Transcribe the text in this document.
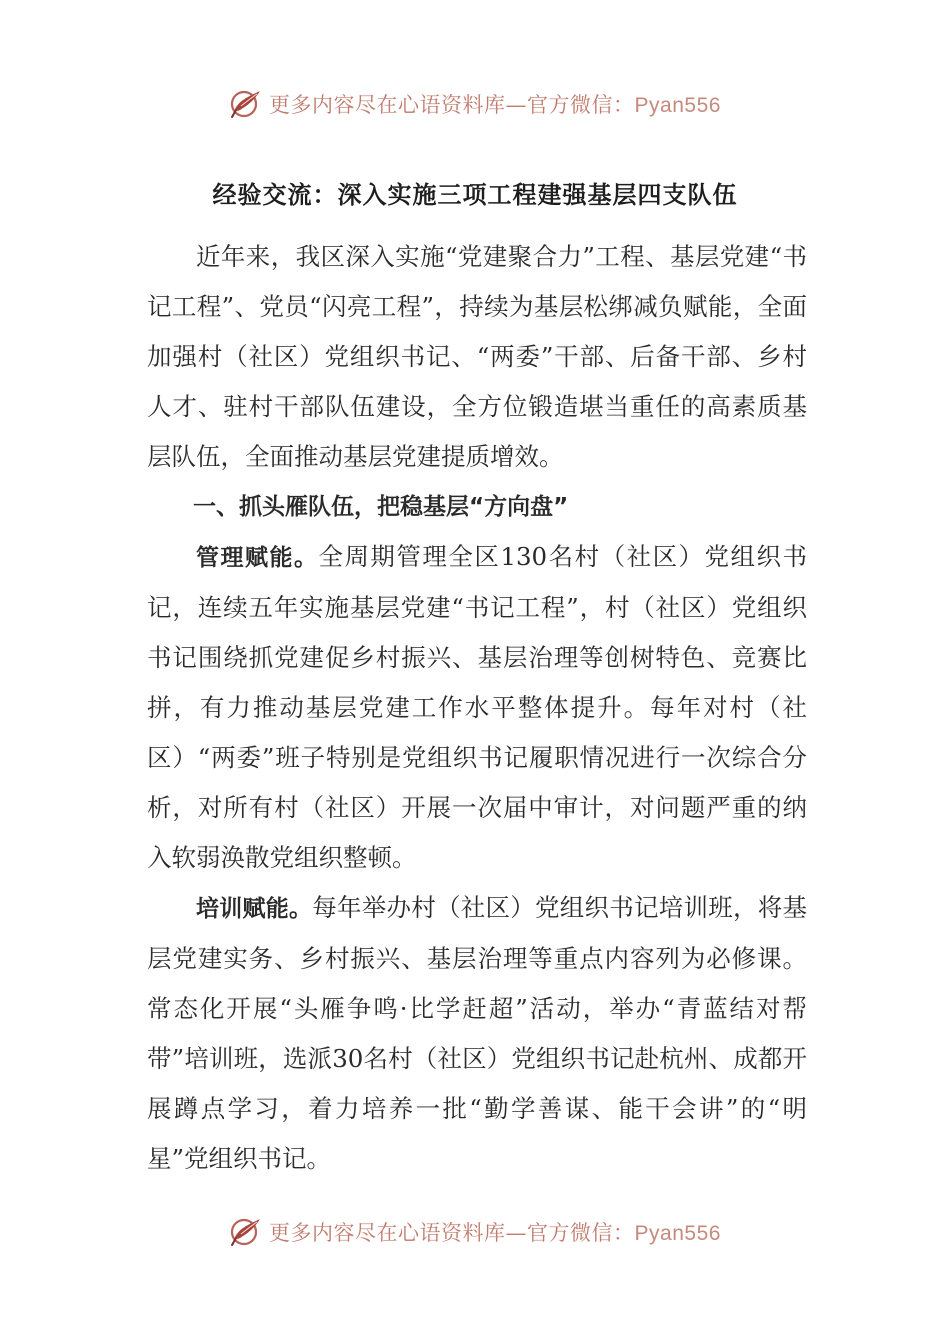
更多内容尽在心语资料库—官方微信：Pyan556
经验交流：深入实施三项工程建强基层四支队伍

近年来，我区深入实施“党建聚合力”工程、基层党建“书记工程”、党员“闪亮工程”，持续为基层松绑减负赋能，全面加强村（社区）党组织书记、“两委”干部、后备干部、乡村人才、驻村干部队伍建设，全方位锻造堪当重任的高素质基层队伍，全面推动基层党建提质增效。

一、抓头雁队伍，把稳基层“方向盘”

管理赋能。全周期管理全区130名村（社区）党组织书记，连续五年实施基层党建“书记工程”，村（社区）党组织书记围绕抓党建促乡村振兴、基层治理等创树特色、竞赛比拼，有力推动基层党建工作水平整体提升。每年对村（社区）“两委”班子特别是党组织书记履职情况进行一次综合分析，对所有村（社区）开展一次届中审计，对问题严重的纳入软弱涣散党组织整顿。

培训赋能。每年举办村（社区）党组织书记培训班，将基层党建实务、乡村振兴、基层治理等重点内容列为必修课。常态化开展“头雁争鸣·比学赶超”活动，举办“青蓝结对帮带”培训班，选派30名村（社区）党组织书记赴杭州、成都开展蹲点学习，着力培养一批“勤学善谋、能干会讲”的“明星”党组织书记。

更多内容尽在心语资料库—官方微信：Pyan556
